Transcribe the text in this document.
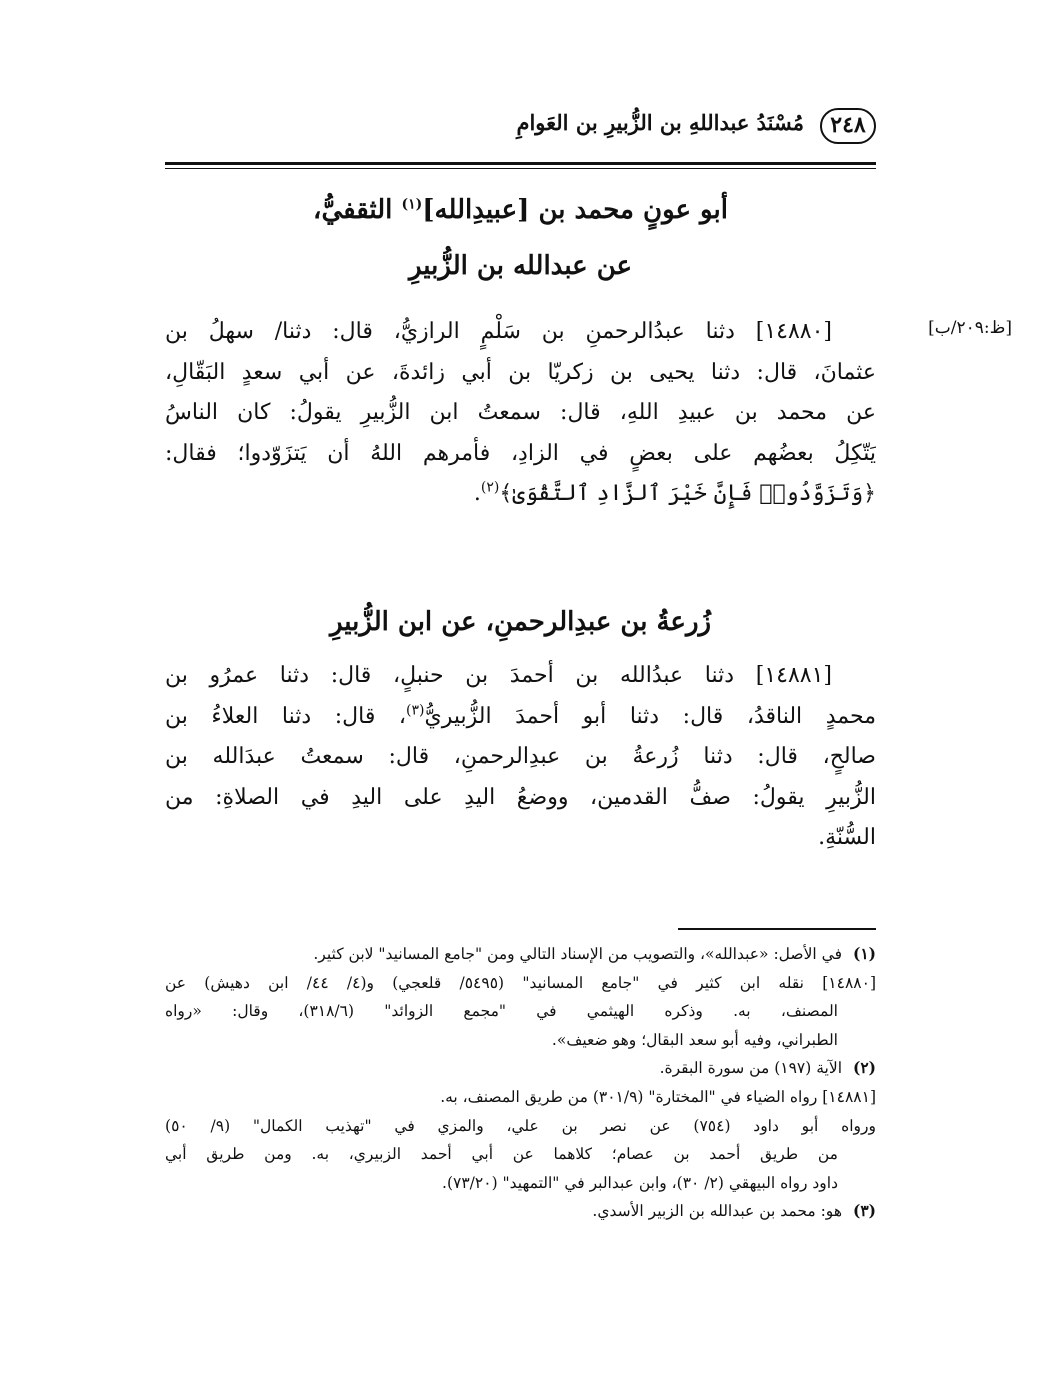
٢٤٨
مُسْنَدُ عبداللهِ بن الزُّبيرِ بن العَوامِ
أبو عونٍ محمد بن [عبيدِالله]$^{(١)}$ الثقفيُّ،
عن عبدالله بن الزُّبيرِ
[ظ:٢٠٩/ب]
[١٤٨٨٠] دثنا عبدُالرحمنِ بن سَلْمٍ الرازيُّ، قال: دثنا/ سهلُ بن
عثمانَ، قال: دثنا يحيى بن زكريّا بن أبي زائدةَ، عن أبي سعدٍ البَقّالِ،
عن محمد بن عبيدِ اللهِ، قال: سمعتُ ابن الزُّبيرِ يقولُ: كان الناسُ
يَتّكِلُ بعضُهم على بعضٍ في الزادِ، فأمرهم اللهُ أن يَتزَوّدوا؛ فقال:
﴿وَتَزَوَّدُوا۟ فَإِنَّ خَيْرَ ٱلزَّادِ ٱلتَّقْوَىٰ﴾$^{(٢)}$.
زُرعةُ بن عبدِالرحمنِ، عن ابن الزُّبيرِ
[١٤٨٨١] دثنا عبدُالله بن أحمدَ بن حنبلٍ، قال: دثنا عمرُو بن
محمدٍ الناقدُ، قال: دثنا أبو أحمدَ الزُّبيريُّ$^{(٣)}$، قال: دثنا العلاءُ بن
صالحٍ، قال: دثنا زُرعةُ بن عبدِالرحمنِ، قال: سمعتُ عبدَالله بن
الزُّبيرِ يقولُ: صفُّ القدمين، ووضعُ اليدِ على اليدِ في الصلاةِ: من
السُّنّةِ.
(١)في الأصل: «عبدالله»، والتصويب من الإسناد التالي ومن "جامع المسانيد" لابن كثير.
[١٤٨٨٠] نقله ابن كثير في "جامع المسانيد" (٥٤٩٥/ قلعجي) و(٤/ ٤٤/ ابن دهيش) عن
المصنف، به. وذكره الهيثمي في "مجمع الزوائد" (٣١٨/٦)، وقال: «رواه
الطبراني، وفيه أبو سعد البقال؛ وهو ضعيف».
(٢)الآية (١٩٧) من سورة البقرة.
[١٤٨٨١] رواه الضياء في "المختارة" (٣٠١/٩) من طريق المصنف، به.
ورواه أبو داود (٧٥٤) عن نصر بن علي، والمزي في "تهذيب الكمال" (٩/ ٥٠)
من طريق أحمد بن عصام؛ كلاهما عن أبي أحمد الزبيري، به. ومن طريق أبي
داود رواه البيهقي (٢/ ٣٠)، وابن عبدالبر في "التمهيد" (٧٣/٢٠).
(٣)هو: محمد بن عبدالله بن الزبير الأسدي.
